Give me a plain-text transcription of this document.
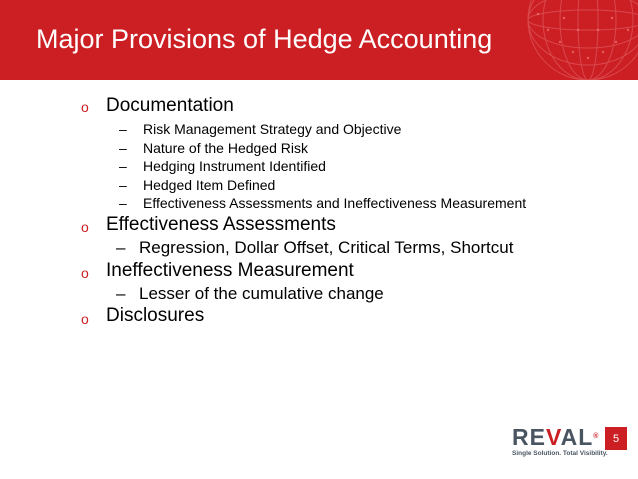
Major Provisions of Hedge Accounting
o Documentation
– Risk Management Strategy and Objective
– Nature of the Hedged Risk
– Hedging Instrument Identified
– Hedged Item Defined
– Effectiveness Assessments and Ineffectiveness Measurement
o Effectiveness Assessments
– Regression, Dollar Offset, Critical Terms, Shortcut
o Ineffectiveness Measurement
– Lesser of the cumulative change
o Disclosures
REVAL®
Single Solution. Total Visibility.
5
